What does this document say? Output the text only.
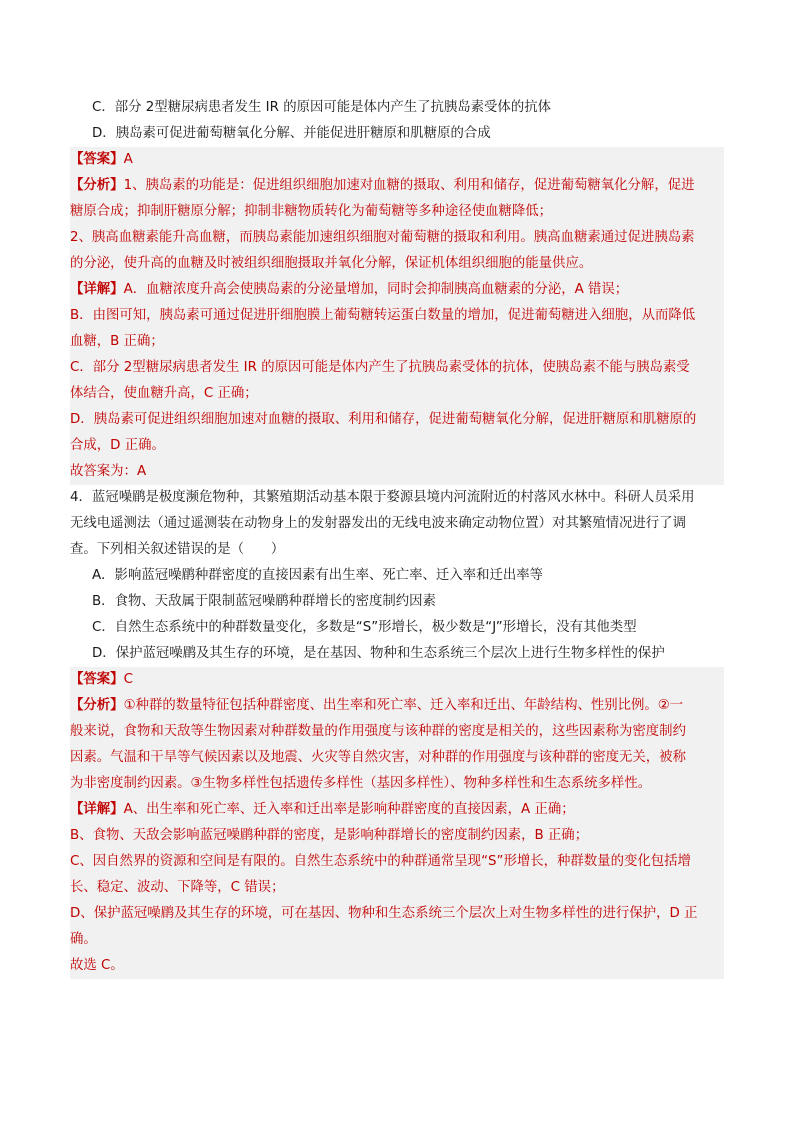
C．部分 2型糖尿病患者发生 IR 的原因可能是体内产生了抗胰岛素受体的抗体
D．胰岛素可促进葡萄糖氧化分解、并能促进肝糖原和肌糖原的合成
【答案】A
【分析】1、胰岛素的功能是：促进组织细胞加速对血糖的摄取、利用和储存，促进葡萄糖氧化分解，促进
糖原合成；抑制肝糖原分解；抑制非糖物质转化为葡萄糖等多种途径使血糖降低；
2、胰高血糖素能升高血糖，而胰岛素能加速组织细胞对葡萄糖的摄取和利用。胰高血糖素通过促进胰岛素
的分泌，使升高的血糖及时被组织细胞摄取并氧化分解，保证机体组织细胞的能量供应。
【详解】A．血糖浓度升高会使胰岛素的分泌量增加，同时会抑制胰高血糖素的分泌，A 错误；
B．由图可知，胰岛素可通过促进肝细胞膜上葡萄糖转运蛋白数量的增加，促进葡萄糖进入细胞，从而降低
血糖，B 正确；
C．部分 2型糖尿病患者发生 IR 的原因可能是体内产生了抗胰岛素受体的抗体，使胰岛素不能与胰岛素受
体结合，使血糖升高，C 正确；
D．胰岛素可促进组织细胞加速对血糖的摄取、利用和储存，促进葡萄糖氧化分解，促进肝糖原和肌糖原的
合成，D 正确。
故答案为：A
4．蓝冠噪鹛是极度濒危物种，其繁殖期活动基本限于婺源县境内河流附近的村落风水林中。科研人员采用
无线电遥测法（通过遥测装在动物身上的发射器发出的无线电波来确定动物位置）对其繁殖情况进行了调
查。下列相关叙述错误的是（　　）
A．影响蓝冠噪鹛种群密度的直接因素有出生率、死亡率、迁入率和迁出率等
B．食物、天敌属于限制蓝冠噪鹛种群增长的密度制约因素
C．自然生态系统中的种群数量变化，多数是“S”形增长，极少数是“J”形增长，没有其他类型
D．保护蓝冠噪鹛及其生存的环境，是在基因、物种和生态系统三个层次上进行生物多样性的保护
【答案】C
【分析】①种群的数量特征包括种群密度、出生率和死亡率、迁入率和迁出、年龄结构、性别比例。②一
般来说，食物和天敌等生物因素对种群数量的作用强度与该种群的密度是相关的，这些因素称为密度制约
因素。气温和干旱等气候因素以及地震、火灾等自然灾害，对种群的作用强度与该种群的密度无关，被称
为非密度制约因素。③生物多样性包括遗传多样性（基因多样性）、物种多样性和生态系统多样性。
【详解】A、出生率和死亡率、迁入率和迁出率是影响种群密度的直接因素，A 正确；
B、食物、天敌会影响蓝冠噪鹛种群的密度，是影响种群增长的密度制约因素，B 正确；
C、因自然界的资源和空间是有限的。自然生态系统中的种群通常呈现“S”形增长，种群数量的变化包括增
长、稳定、波动、下降等，C 错误；
D、保护蓝冠噪鹛及其生存的环境，可在基因、物种和生态系统三个层次上对生物多样性的进行保护，D 正
确。
故选 C。
